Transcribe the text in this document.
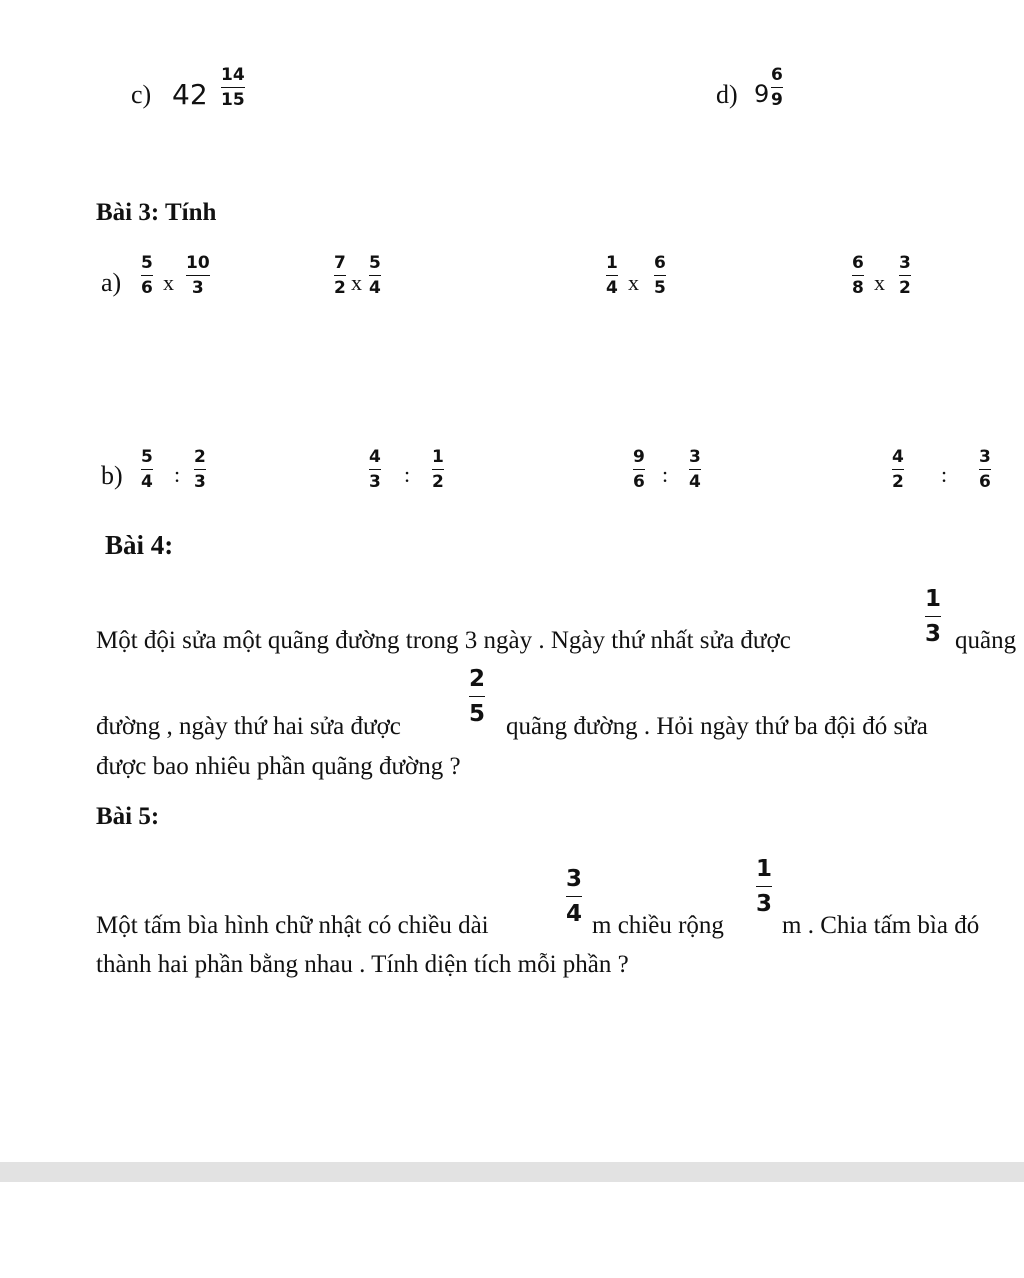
c) 42
14
15	d) 9
6
9
Bài 3: Tính
a)
5
6 x
10
3
7
2 x
5
4
1
4 x
6
5
6
8 x
3
2
b)
5
4 :
2
3
4
3 :
1
2
9
6 :
3
4
4
2 :
3
6
Bài 4:
Một đội sửa một quãng đường trong 3 ngày . Ngày thứ nhất sửa được
1
3 quãng
đường , ngày thứ hai sửa được
2
5 quãng đường . Hỏi ngày thứ ba đội đó sửa
được bao nhiêu phần quãng đường ?
Bài 5:
Một tấm bìa hình chữ nhật có chiều dài
3
4 m chiều rộng
1
3
m . Chia tấm bìa đó
thành hai phần bằng nhau . Tính diện tích mỗi phần ?
